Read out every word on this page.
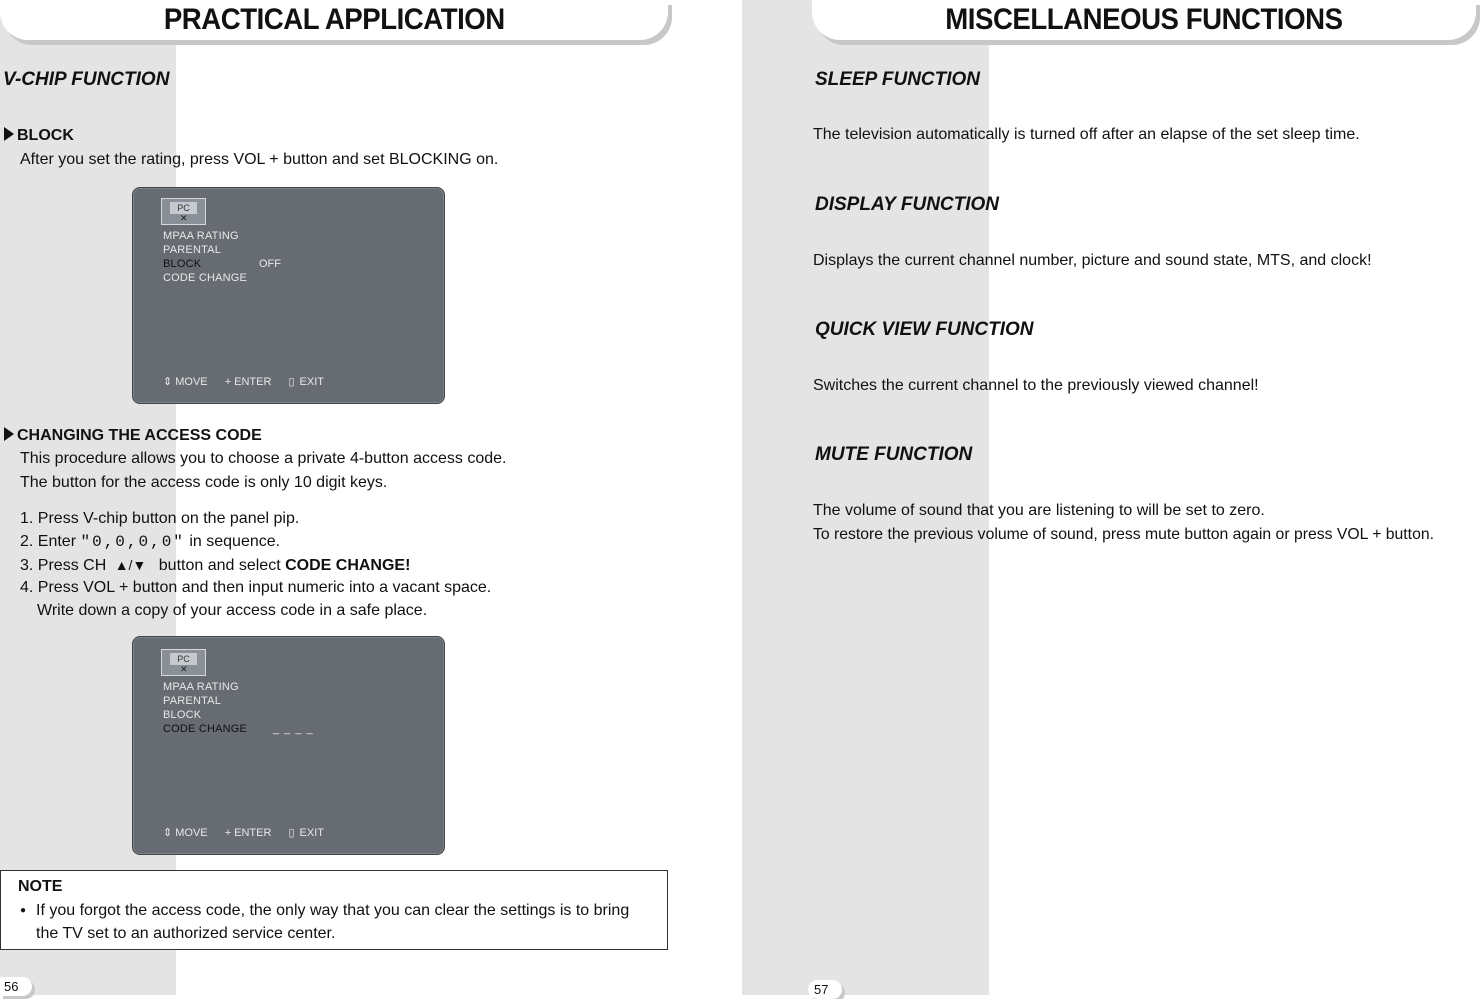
PRACTICAL APPLICATION
V-CHIP FUNCTION
BLOCK
After you set the rating, press VOL + button and set BLOCKING on.
PC
✕
MPAA RATING
PARENTAL
BLOCK
CODE CHANGE
OFF
⇕ MOVE + ENTER ▯ EXIT
CHANGING THE ACCESS CODE
This procedure allows you to choose a private 4-button access code.
The button for the access code is only 10 digit keys.
1. Press V-chip button on the panel pip.
2. Enter "0,0,0,0" in sequence.
3. Press CH ▲/▼ button and select CODE CHANGE!
4. Press VOL + button and then input numeric into a vacant space.
Write down a copy of your access code in a safe place.
PC
✕
MPAA RATING
PARENTAL
BLOCK
CODE CHANGE _ _ _ _
⇕ MOVE + ENTER ▯ EXIT
NOTE
● If you forgot the access code, the only way that you can clear the settings is to bring
the TV set to an authorized service center.
56
MISCELLANEOUS FUNCTIONS
SLEEP FUNCTION
The television automatically is turned off after an elapse of the set sleep time.
DISPLAY FUNCTION
Displays the current channel number, picture and sound state, MTS, and clock!
QUICK VIEW FUNCTION
Switches the current channel to the previously viewed channel!
MUTE FUNCTION
The volume of sound that you are listening to will be set to zero.
To restore the previous volume of sound, press mute button again or press VOL + button.
57
